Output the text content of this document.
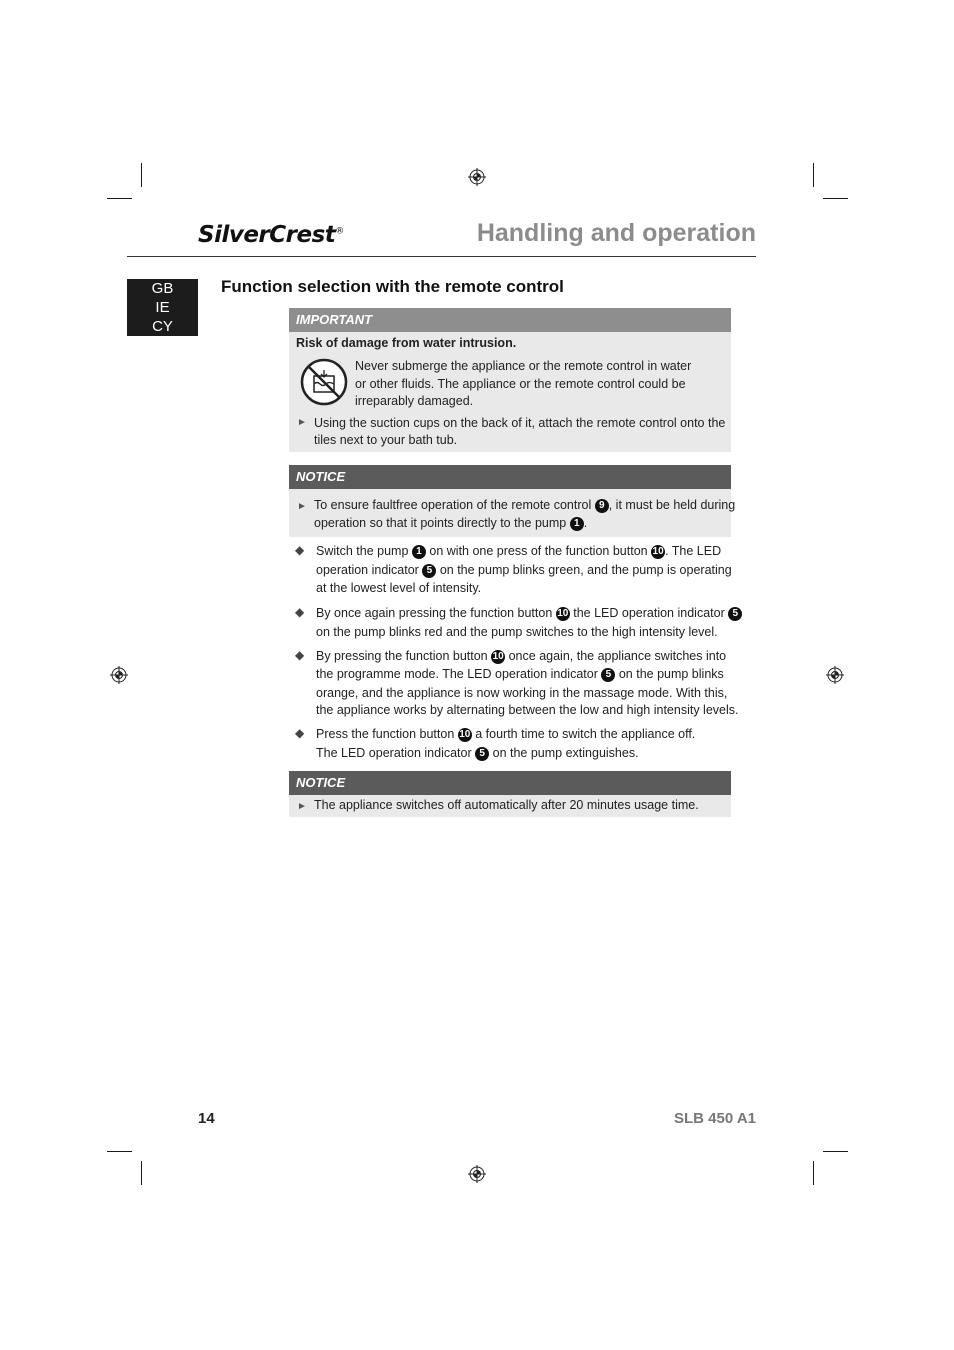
SilverCrest®	Handling and operation
GB
IE
CY
Function selection with the remote control
IMPORTANT
Risk of damage from water intrusion.
Never submerge the appliance or the remote control in water
or other fluids. The appliance or the remote control could be
irreparably damaged.
► Using the suction cups on the back of it, attach the remote control onto the
tiles next to your bath tub.
NOTICE
► To ensure faultfree operation of the remote control 9 , it must be held during
operation so that it points directly to the pump 1 .
◆ Switch the pump 1 on with one press of the function button 10. The LED
operation indicator 5 on the pump blinks green, and the pump is operating
at the lowest level of intensity.
◆ By once again pressing the function button 10 the LED operation indicator 5
on the pump blinks red and the pump switches to the high intensity level.
◆ By pressing the function button 10 once again, the appliance switches into
the programme mode. The LED operation indicator 5 on the pump blinks
orange, and the appliance is now working in the massage mode. With this,
the appliance works by alternating between the low and high intensity levels.
◆ Press the function button 10 a fourth time to switch the appliance off.
The LED operation indicator 5 on the pump extinguishes.
NOTICE
► The appliance switches off automatically after 20 minutes usage time.
14	SLB 450 A1
